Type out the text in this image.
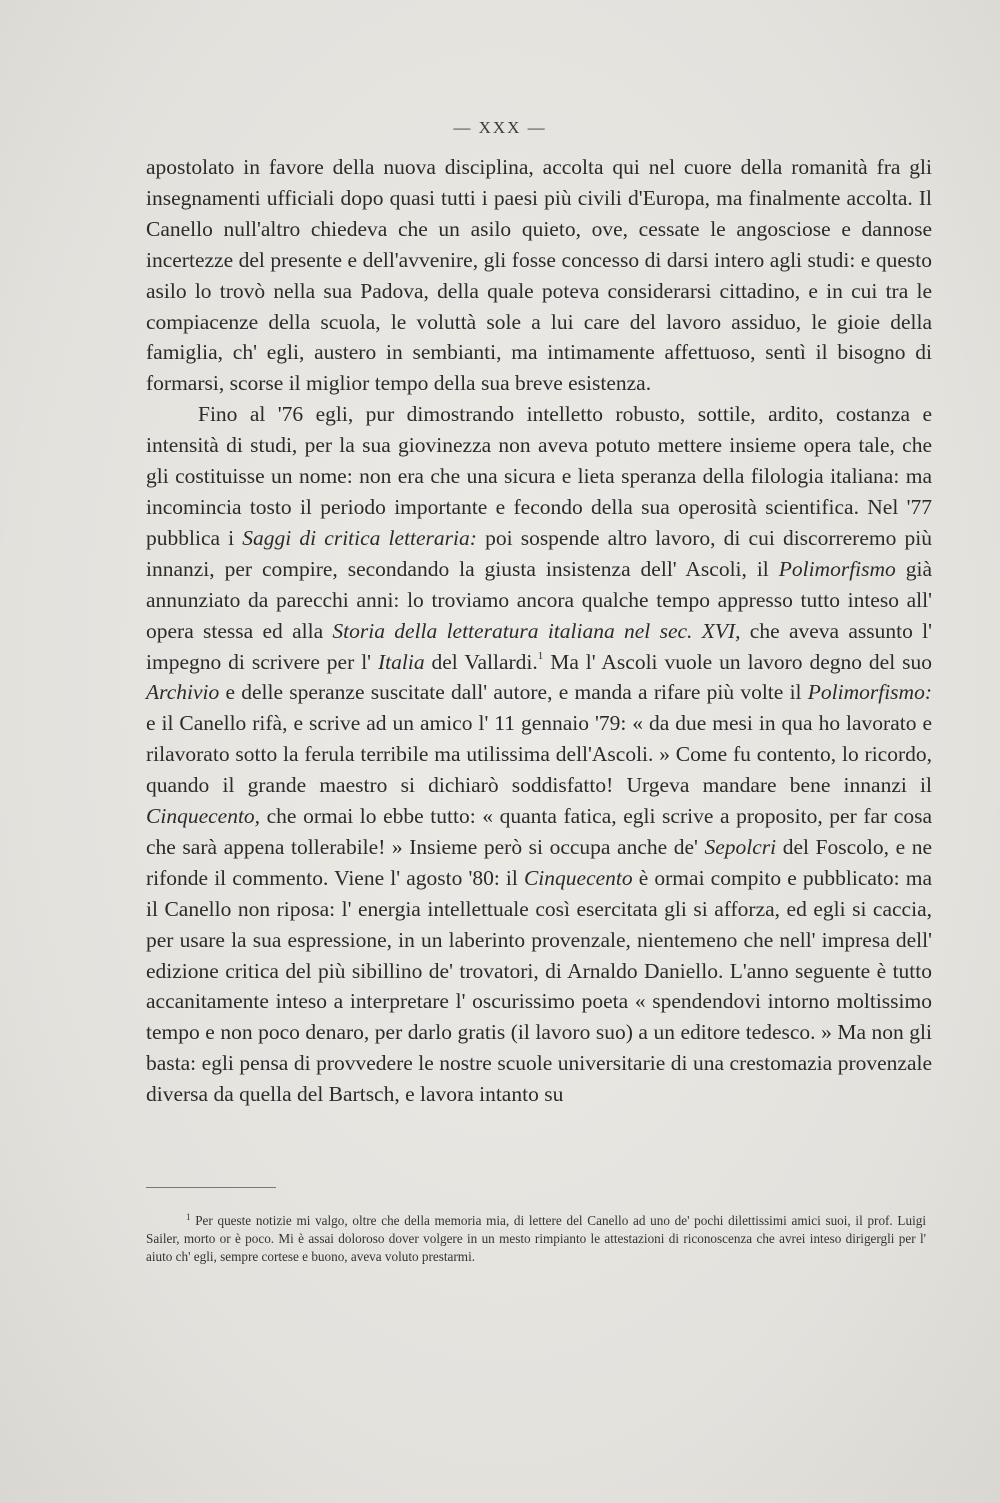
— XXX —

apostolato in favore della nuova disciplina, accolta qui nel cuore della romanità fra gli insegnamenti ufficiali dopo quasi tutti i paesi più civili d'Europa, ma finalmente accolta. Il Canello null'altro chiedeva che un asilo quieto, ove, cessate le angosciose e dannose incertezze del presente e dell'avvenire, gli fosse concesso di darsi intero agli studi: e questo asilo lo trovò nella sua Padova, della quale poteva considerarsi cittadino, e in cui tra le compiacenze della scuola, le voluttà sole a lui care del lavoro assiduo, le gioie della famiglia, ch' egli, austero in sembianti, ma intimamente affettuoso, sentì il bisogno di formarsi, scorse il miglior tempo della sua breve esistenza.

Fino al '76 egli, pur dimostrando intelletto robusto, sottile, ardito, costanza e intensità di studi, per la sua giovinezza non aveva potuto mettere insieme opera tale, che gli costituisse un nome: non era che una sicura e lieta speranza della filologia italiana: ma incomincia tosto il periodo importante e fecondo della sua operosità scientifica. Nel '77 pubblica i Saggi di critica letteraria: poi sospende altro lavoro, di cui discorreremo più innanzi, per compire, secondando la giusta insistenza dell' Ascoli, il Polimorfismo già annunziato da parecchi anni: lo troviamo ancora qualche tempo appresso tutto inteso all' opera stessa ed alla Storia della letteratura italiana nel sec. XVI, che aveva assunto l' impegno di scrivere per l' Italia del Vallardi.$^1$ Ma l' Ascoli vuole un lavoro degno del suo Archivio e delle speranze suscitate dall' autore, e manda a rifare più volte il Polimorfismo: e il Canello rifà, e scrive ad un amico l' 11 gennaio '79: « da due mesi in qua ho lavorato e rilavorato sotto la ferula terribile ma utilissima dell'Ascoli. » Come fu contento, lo ricordo, quando il grande maestro si dichiarò soddisfatto! Urgeva mandare bene innanzi il Cinquecento, che ormai lo ebbe tutto: « quanta fatica, egli scrive a proposito, per far cosa che sarà appena tollerabile! » Insieme però si occupa anche de' Sepolcri del Foscolo, e ne rifonde il commento. Viene l' agosto '80: il Cinquecento è ormai compito e pubblicato: ma il Canello non riposa: l' energia intellettuale così esercitata gli si afforza, ed egli si caccia, per usare la sua espressione, in un laberinto provenzale, nientemeno che nell' impresa dell' edizione critica del più sibillino de' trovatori, di Arnaldo Daniello. L'anno seguente è tutto accanitamente inteso a interpretare l' oscurissimo poeta « spendendovi intorno moltissimo tempo e non poco denaro, per darlo gratis (il lavoro suo) a un editore tedesco. » Ma non gli basta: egli pensa di provvedere le nostre scuole universitarie di una crestomazia provenzale diversa da quella del Bartsch, e lavora intanto su

$^1$ Per queste notizie mi valgo, oltre che della memoria mia, di lettere del Canello ad uno de' pochi dilettissimi amici suoi, il prof. Luigi Sailer, morto or è poco. Mi è assai doloroso dover volgere in un mesto rimpianto le attestazioni di riconoscenza che avrei inteso dirigergli per l' aiuto ch' egli, sempre cortese e buono, aveva voluto prestarmi.
